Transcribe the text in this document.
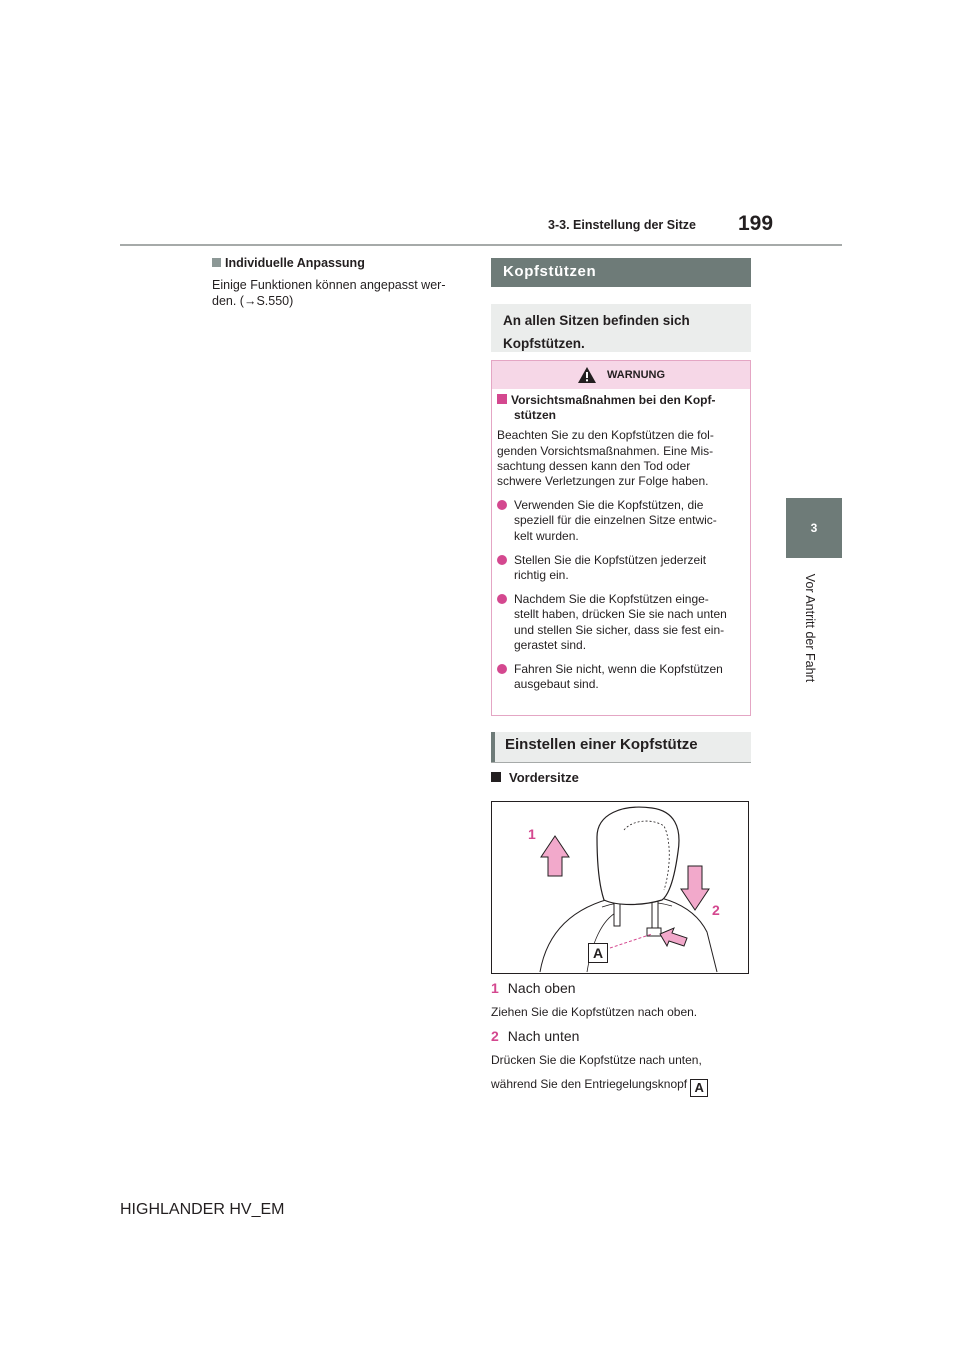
3-3. Einstellung der Sitze 199
3
Vor Antritt der Fahrt
Individuelle Anpassung
Einige Funktionen können angepasst wer-
den. (→S.550)
Kopfstützen
An allen Sitzen befinden sich
Kopfstützen.
WARNUNG
Vorsichtsmaßnahmen bei den Kopf-
stützen
Beachten Sie zu den Kopfstützen die fol-
genden Vorsichtsmaßnahmen. Eine Mis-
sachtung dessen kann den Tod oder
schwere Verletzungen zur Folge haben.
Verwenden Sie die Kopfstützen, die
speziell für die einzelnen Sitze entwic-
kelt wurden.
Stellen Sie die Kopfstützen jederzeit
richtig ein.
Nachdem Sie die Kopfstützen einge-
stellt haben, drücken Sie sie nach unten
und stellen Sie sicher, dass sie fest ein-
gerastet sind.
Fahren Sie nicht, wenn die Kopfstützen
ausgebaut sind.
Einstellen einer Kopfstütze
Vordersitze
1
2
A
1 Nach oben
Ziehen Sie die Kopfstützen nach oben.
2 Nach unten
Drücken Sie die Kopfstütze nach unten,
während Sie den Entriegelungsknopf A
HIGHLANDER HV_EM
